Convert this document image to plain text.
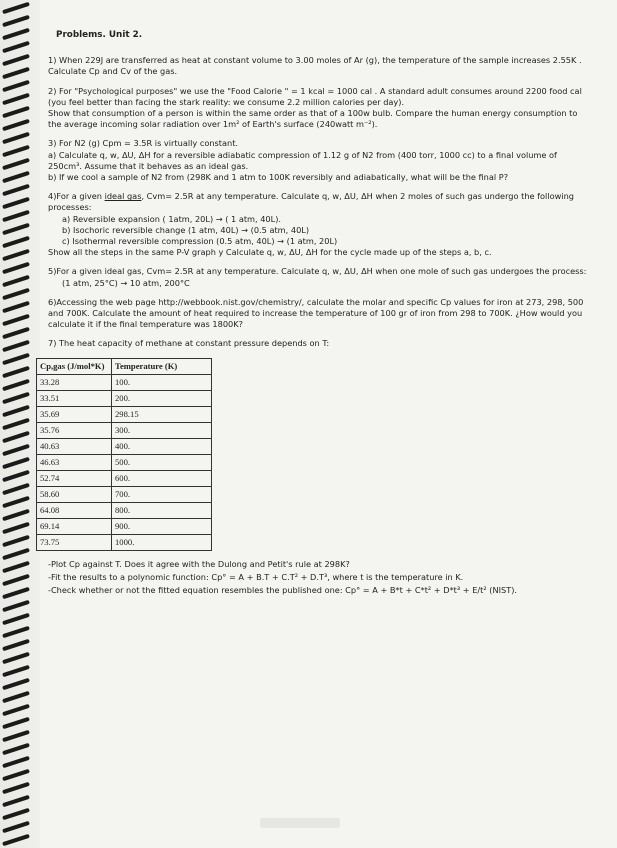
Problems. Unit 2.

1) When 229J are transferred as heat at constant volume to 3.00 moles of Ar (g), the temperature of the sample increases 2.55K . Calculate Cp and Cv of the gas.

2) For "Psychological purposes" we use the "Food Calorie " = 1 kcal = 1000 cal . A standard adult consumes around 2200 food cal (you feel better than facing the stark reality: we consume 2.2 million calories per day).

Show that consumption of a person is within the same order as that of a 100w bulb. Compare the human energy consumption to the average incoming solar radiation over 1m² of Earth's surface (240watt m⁻²).

3) For N2 (g) Cpm = 3.5R is virtually constant.

a) Calculate q, w, ΔU, ΔH for a reversible adiabatic compression of 1.12 g of N2 from (400 torr, 1000 cc) to a final volume of 250cm³. Assume that it behaves as an ideal gas.

b) If we cool a sample of N2 from (298K and 1 atm to 100K reversibly and adiabatically, what will be the final P?

4)For a given ideal gas, Cvm= 2.5R at any temperature. Calculate q, w, ΔU, ΔH when 2 moles of such gas undergo the following processes:

a) Reversible expansion ( 1atm, 20L) → ( 1 atm, 40L).

b) Isochoric reversible change (1 atm, 40L) → (0.5 atm, 40L)

c) Isothermal reversible compression (0.5 atm, 40L) → (1 atm, 20L)

Show all the steps in the same P-V graph y Calculate q, w, ΔU, ΔH for the cycle made up of the steps a, b, c.

5)For a given ideal gas, Cvm= 2.5R at any temperature. Calculate q, w, ΔU, ΔH when one mole of such gas undergoes the process:

(1 atm, 25°C) → 10 atm, 200°C

6)Accessing the web page http://webbook.nist.gov/chemistry/, calculate the molar and specific Cp values for iron at 273, 298, 500 and 700K. Calculate the amount of heat required to increase the temperature of 100 gr of iron from 298 to 700K. ¿How would you calculate it if the final temperature was 1800K?

7) The heat capacity of methane at constant pressure depends on T:

Cp,gas (J/mol*K)	Temperature (K)
33.28	100.
33.51	200.
35.69	298.15
35.76	300.
40.63	400.
46.63	500.
52.74	600.
58.60	700.
64.08	800.
69.14	900.
73.75	1000.

-Plot Cp against T. Does it agree with the Dulong and Petit's rule at 298K?

-Fit the results to a polynomic function: Cp° = A + B.T + C.T² + D.T³, where t is the temperature in K.

-Check whether or not the fitted equation resembles the published one: Cp° = A + B*t + C*t² + D*t³ + E/t² (NIST).
